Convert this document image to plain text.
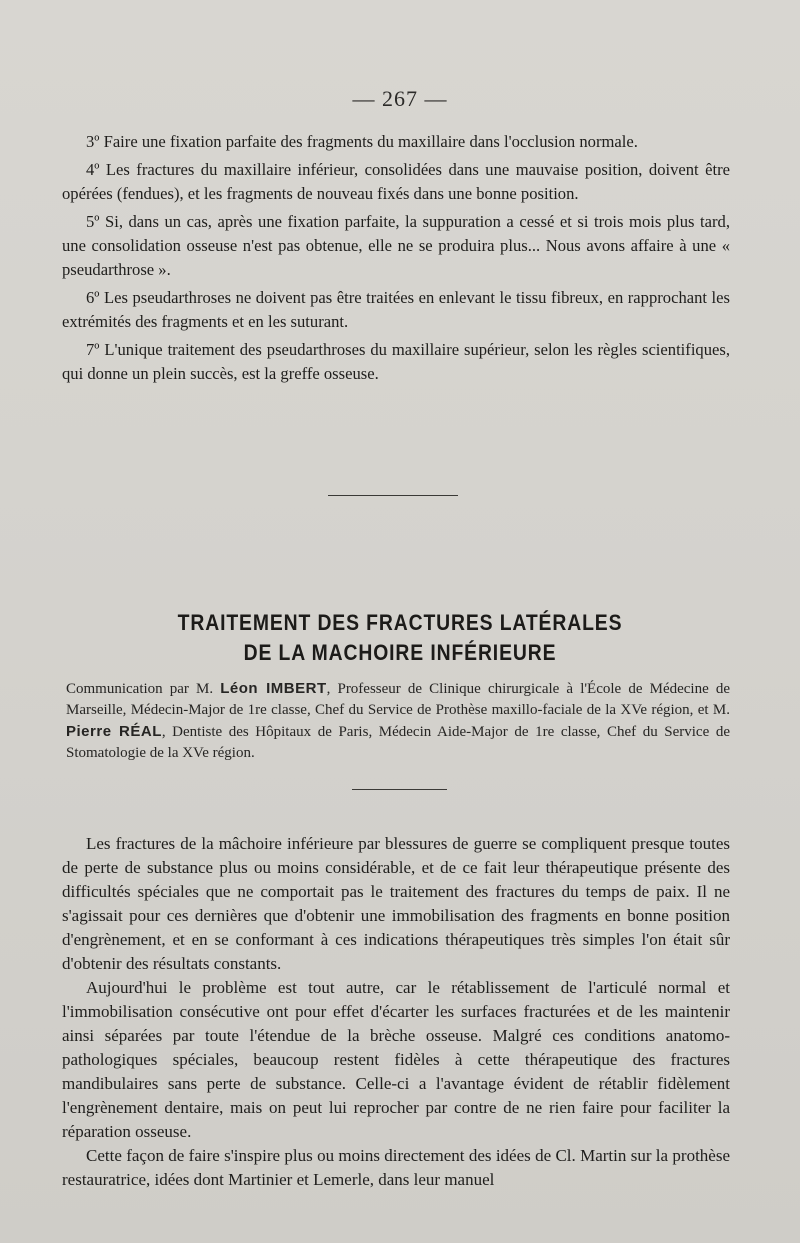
— 267 —

3º Faire une fixation parfaite des fragments du maxillaire dans l'occlusion normale.

4º Les fractures du maxillaire inférieur, consolidées dans une mauvaise position, doivent être opérées (fendues), et les fragments de nouveau fixés dans une bonne position.

5º Si, dans un cas, après une fixation parfaite, la suppuration a cessé et si trois mois plus tard, une consolidation osseuse n'est pas obtenue, elle ne se produira plus... Nous avons affaire à une « pseudarthrose ».

6º Les pseudarthroses ne doivent pas être traitées en enlevant le tissu fibreux, en rapprochant les extrémités des fragments et en les suturant.

7º L'unique traitement des pseudarthroses du maxillaire supérieur, selon les règles scientifiques, qui donne un plein succès, est la greffe osseuse.

TRAITEMENT DES FRACTURES LATÉRALES
DE LA MACHOIRE INFÉRIEURE
Communication par M. Léon IMBERT, Professeur de Clinique chirurgicale à l'École de Médecine de Marseille, Médecin-Major de 1re classe, Chef du Service de Prothèse maxillo-faciale de la XVe région, et M. Pierre RÉAL, Dentiste des Hôpitaux de Paris, Médecin Aide-Major de 1re classe, Chef du Service de Stomatologie de la XVe région.

Les fractures de la mâchoire inférieure par blessures de guerre se compliquent presque toutes de perte de substance plus ou moins considérable, et de ce fait leur thérapeutique présente des difficultés spéciales que ne comportait pas le traitement des fractures du temps de paix. Il ne s'agissait pour ces dernières que d'obtenir une immobilisation des fragments en bonne position d'engrènement, et en se conformant à ces indications thérapeutiques très simples l'on était sûr d'obtenir des résultats constants.

Aujourd'hui le problème est tout autre, car le rétablissement de l'articulé normal et l'immobilisation consécutive ont pour effet d'écarter les surfaces fracturées et de les maintenir ainsi séparées par toute l'étendue de la brèche osseuse. Malgré ces conditions anatomo-pathologiques spéciales, beaucoup restent fidèles à cette thérapeutique des fractures mandibulaires sans perte de substance. Celle-ci a l'avantage évident de rétablir fidèlement l'engrènement dentaire, mais on peut lui reprocher par contre de ne rien faire pour faciliter la réparation osseuse.

Cette façon de faire s'inspire plus ou moins directement des idées de Cl. Martin sur la prothèse restauratrice, idées dont Martinier et Lemerle, dans leur manuel
